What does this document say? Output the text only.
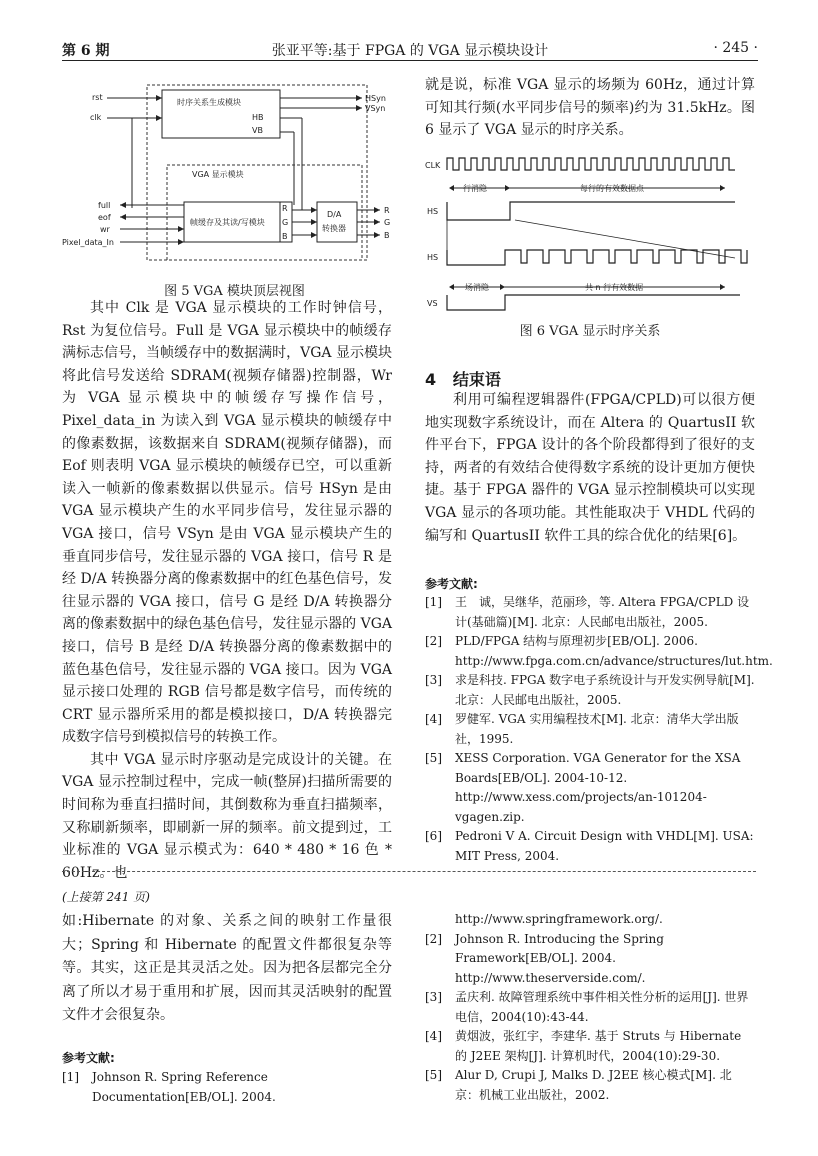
第 6 期	张亚平等:基于 FPGA 的 VGA 显示模块设计	· 245 ·
时序关系生成模块
HB
VB
rst
clk
HSyn
VSyn
VGA 显示模块
帧缓存及其读/写模块
R
G
B
D/A
转换器
R
G
B
full
eof
wr
Pixel_data_In
图 5 VGA 模块顶层视图

其中 Clk 是 VGA 显示模块的工作时钟信号，Rst 为复位信号。Full 是 VGA 显示模块中的帧缓存满标志信号，当帧缓存中的数据满时，VGA 显示模块将此信号发送给 SDRAM(视频存储器)控制器，Wr 为 VGA 显示模块中的帧缓存写操作信号，Pixel_data_in 为读入到 VGA 显示模块的帧缓存中的像素数据，该数据来自 SDRAM(视频存储器)，而 Eof 则表明 VGA 显示模块的帧缓存已空，可以重新读入一帧新的像素数据以供显示。信号 HSyn 是由 VGA 显示模块产生的水平同步信号，发往显示器的 VGA 接口，信号 VSyn 是由 VGA 显示模块产生的垂直同步信号，发往显示器的 VGA 接口，信号 R 是经 D/A 转换器分离的像素数据中的红色基色信号，发往显示器的 VGA 接口，信号 G 是经 D/A 转换器分离的像素数据中的绿色基色信号，发往显示器的 VGA 接口，信号 B 是经 D/A 转换器分离的像素数据中的蓝色基色信号，发往显示器的 VGA 接口。因为 VGA 显示接口处理的 RGB 信号都是数字信号，而传统的 CRT 显示器所采用的都是模拟接口，D/A 转换器完成数字信号到模拟信号的转换工作。

其中 VGA 显示时序驱动是完成设计的关键。在 VGA 显示控制过程中，完成一帧(整屏)扫描所需要的时间称为垂直扫描时间，其倒数称为垂直扫描频率，又称刷新频率，即刷新一屏的频率。前文提到过，工业标准的 VGA 显示模式为：640 * 480 * 16 色 * 60Hz。也

就是说，标准 VGA 显示的场频为 60Hz，通过计算可知其行频(水平同步信号的频率)约为 31.5kHz。图 6 显示了 VGA 显示的时序关系。

CLK
行消隐	每行的有效数据点
HS
HS
场消隐	共 n 行有效数据
VS
图 6 VGA 显示时序关系
4 结束语

利用可编程逻辑器件(FPGA/CPLD)可以很方便地实现数字系统设计，而在 Altera 的 QuartusII 软件平台下，FPGA 设计的各个阶段都得到了很好的支持，两者的有效结合使得数字系统的设计更加方便快捷。基于 FPGA 器件的 VGA 显示控制模块可以实现 VGA 显示的各项功能。其性能取决于 VHDL 代码的编写和 QuartusII 软件工具的综合优化的结果[6]。

参考文献:
[1]	王　诚，吴继华，范丽珍，等. Altera FPGA/CPLD 设计(基础篇)[M]. 北京：人民邮电出版社，2005.
[2]	PLD/FPGA 结构与原理初步[EB/OL]. 2006. http://www.fpga.com.cn/advance/structures/lut.htm.
[3]	求是科技. FPGA 数字电子系统设计与开发实例导航[M]. 北京：人民邮电出版社，2005.
[4]	罗健军. VGA 实用编程技术[M]. 北京：清华大学出版社，1995.
[5]	XESS Corporation. VGA Generator for the XSA Boards[EB/OL]. 2004-10-12. http://www.xess.com/projects/an-101204-vgagen.zip.
[6]	Pedroni V A. Circuit Design with VHDL[M]. USA: MIT Press, 2004.
(上接第 241 页)

如:Hibernate 的对象、关系之间的映射工作量很大；Spring 和 Hibernate 的配置文件都很复杂等等。其实，这正是其灵活之处。因为把各层都完全分离了所以才易于重用和扩展，因而其灵活映射的配置文件才会很复杂。

参考文献:
[1]	Johnson R. Spring Reference Documentation[EB/OL]. 2004.
http://www.springframework.org/.
[2]	Johnson R. Introducing the Spring Framework[EB/OL]. 2004. http://www.theserverside.com/.
[3]	孟庆利. 故障管理系统中事件相关性分析的运用[J]. 世界电信，2004(10):43-44.
[4]	黄烟波，张红宇，李建华. 基于 Struts 与 Hibernate 的 J2EE 架构[J]. 计算机时代，2004(10):29-30.
[5]	Alur D, Crupi J, Malks D. J2EE 核心模式[M]. 北京：机械工业出版社，2002.
